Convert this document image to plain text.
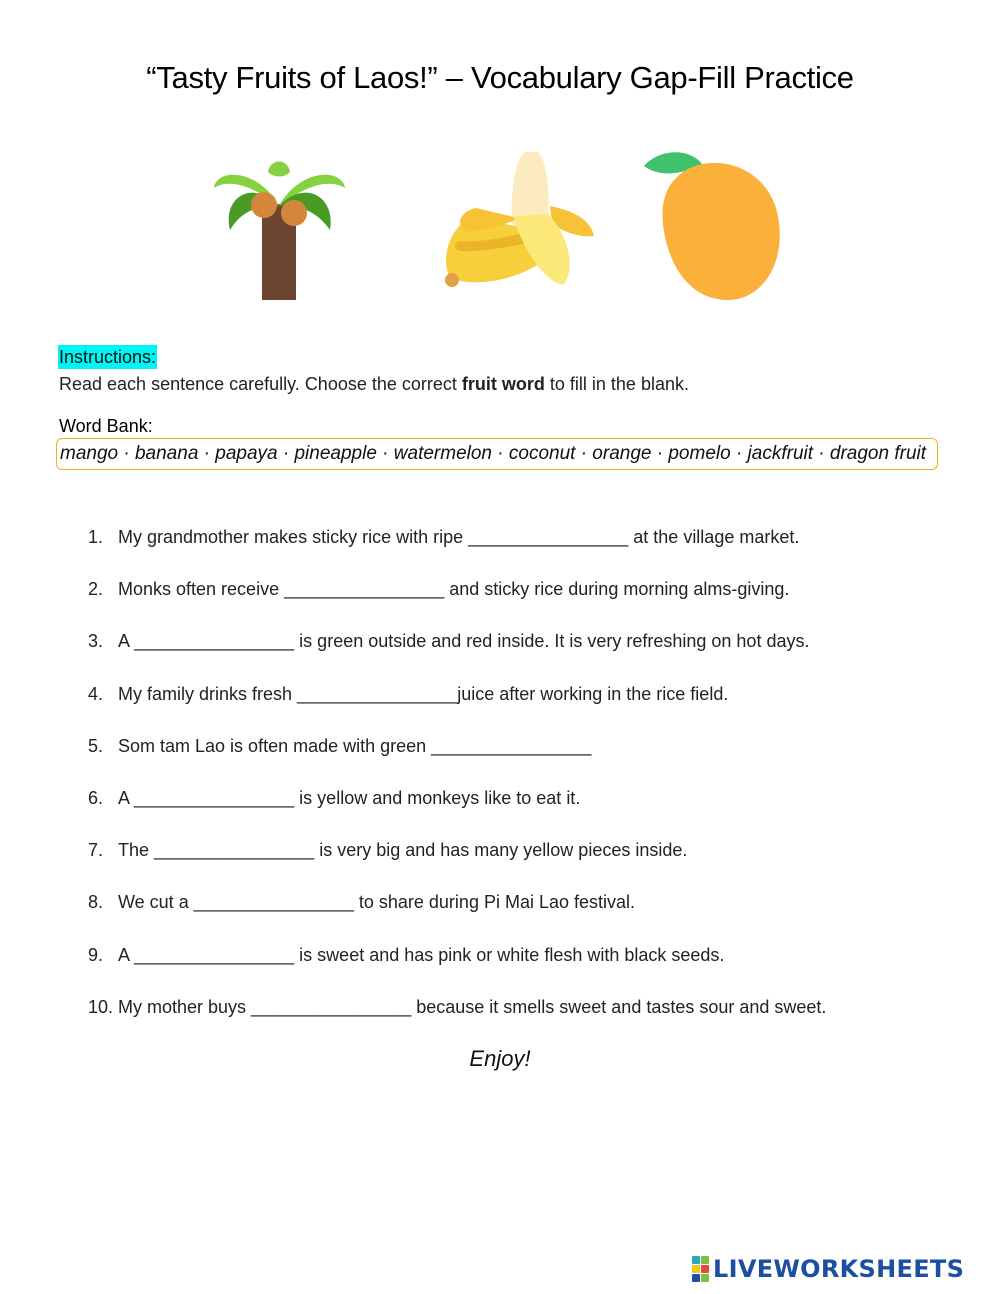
“Tasty Fruits of Laos!” – Vocabulary Gap-Fill Practice
Instructions:
Read each sentence carefully. Choose the correct fruit word to fill in the blank.
Word Bank:
mango · banana · papaya · pineapple · watermelon · coconut · orange · pomelo · jackfruit · dragon fruit
1. My grandmother makes sticky rice with ripe ________________ at the village market.
2. Monks often receive ________________ and sticky rice during morning alms-giving.
3. A ________________ is green outside and red inside. It is very refreshing on hot days.
4. My family drinks fresh ________________juice after working in the rice field.
5. Som tam Lao is often made with green ________________
6. A ________________ is yellow and monkeys like to eat it.
7. The ________________ is very big and has many yellow pieces inside.
8. We cut a ________________ to share during Pi Mai Lao festival.
9. A ________________ is sweet and has pink or white flesh with black seeds.
10. My mother buys ________________ because it smells sweet and tastes sour and sweet.
Enjoy!
LIVEWORKSHEETS
